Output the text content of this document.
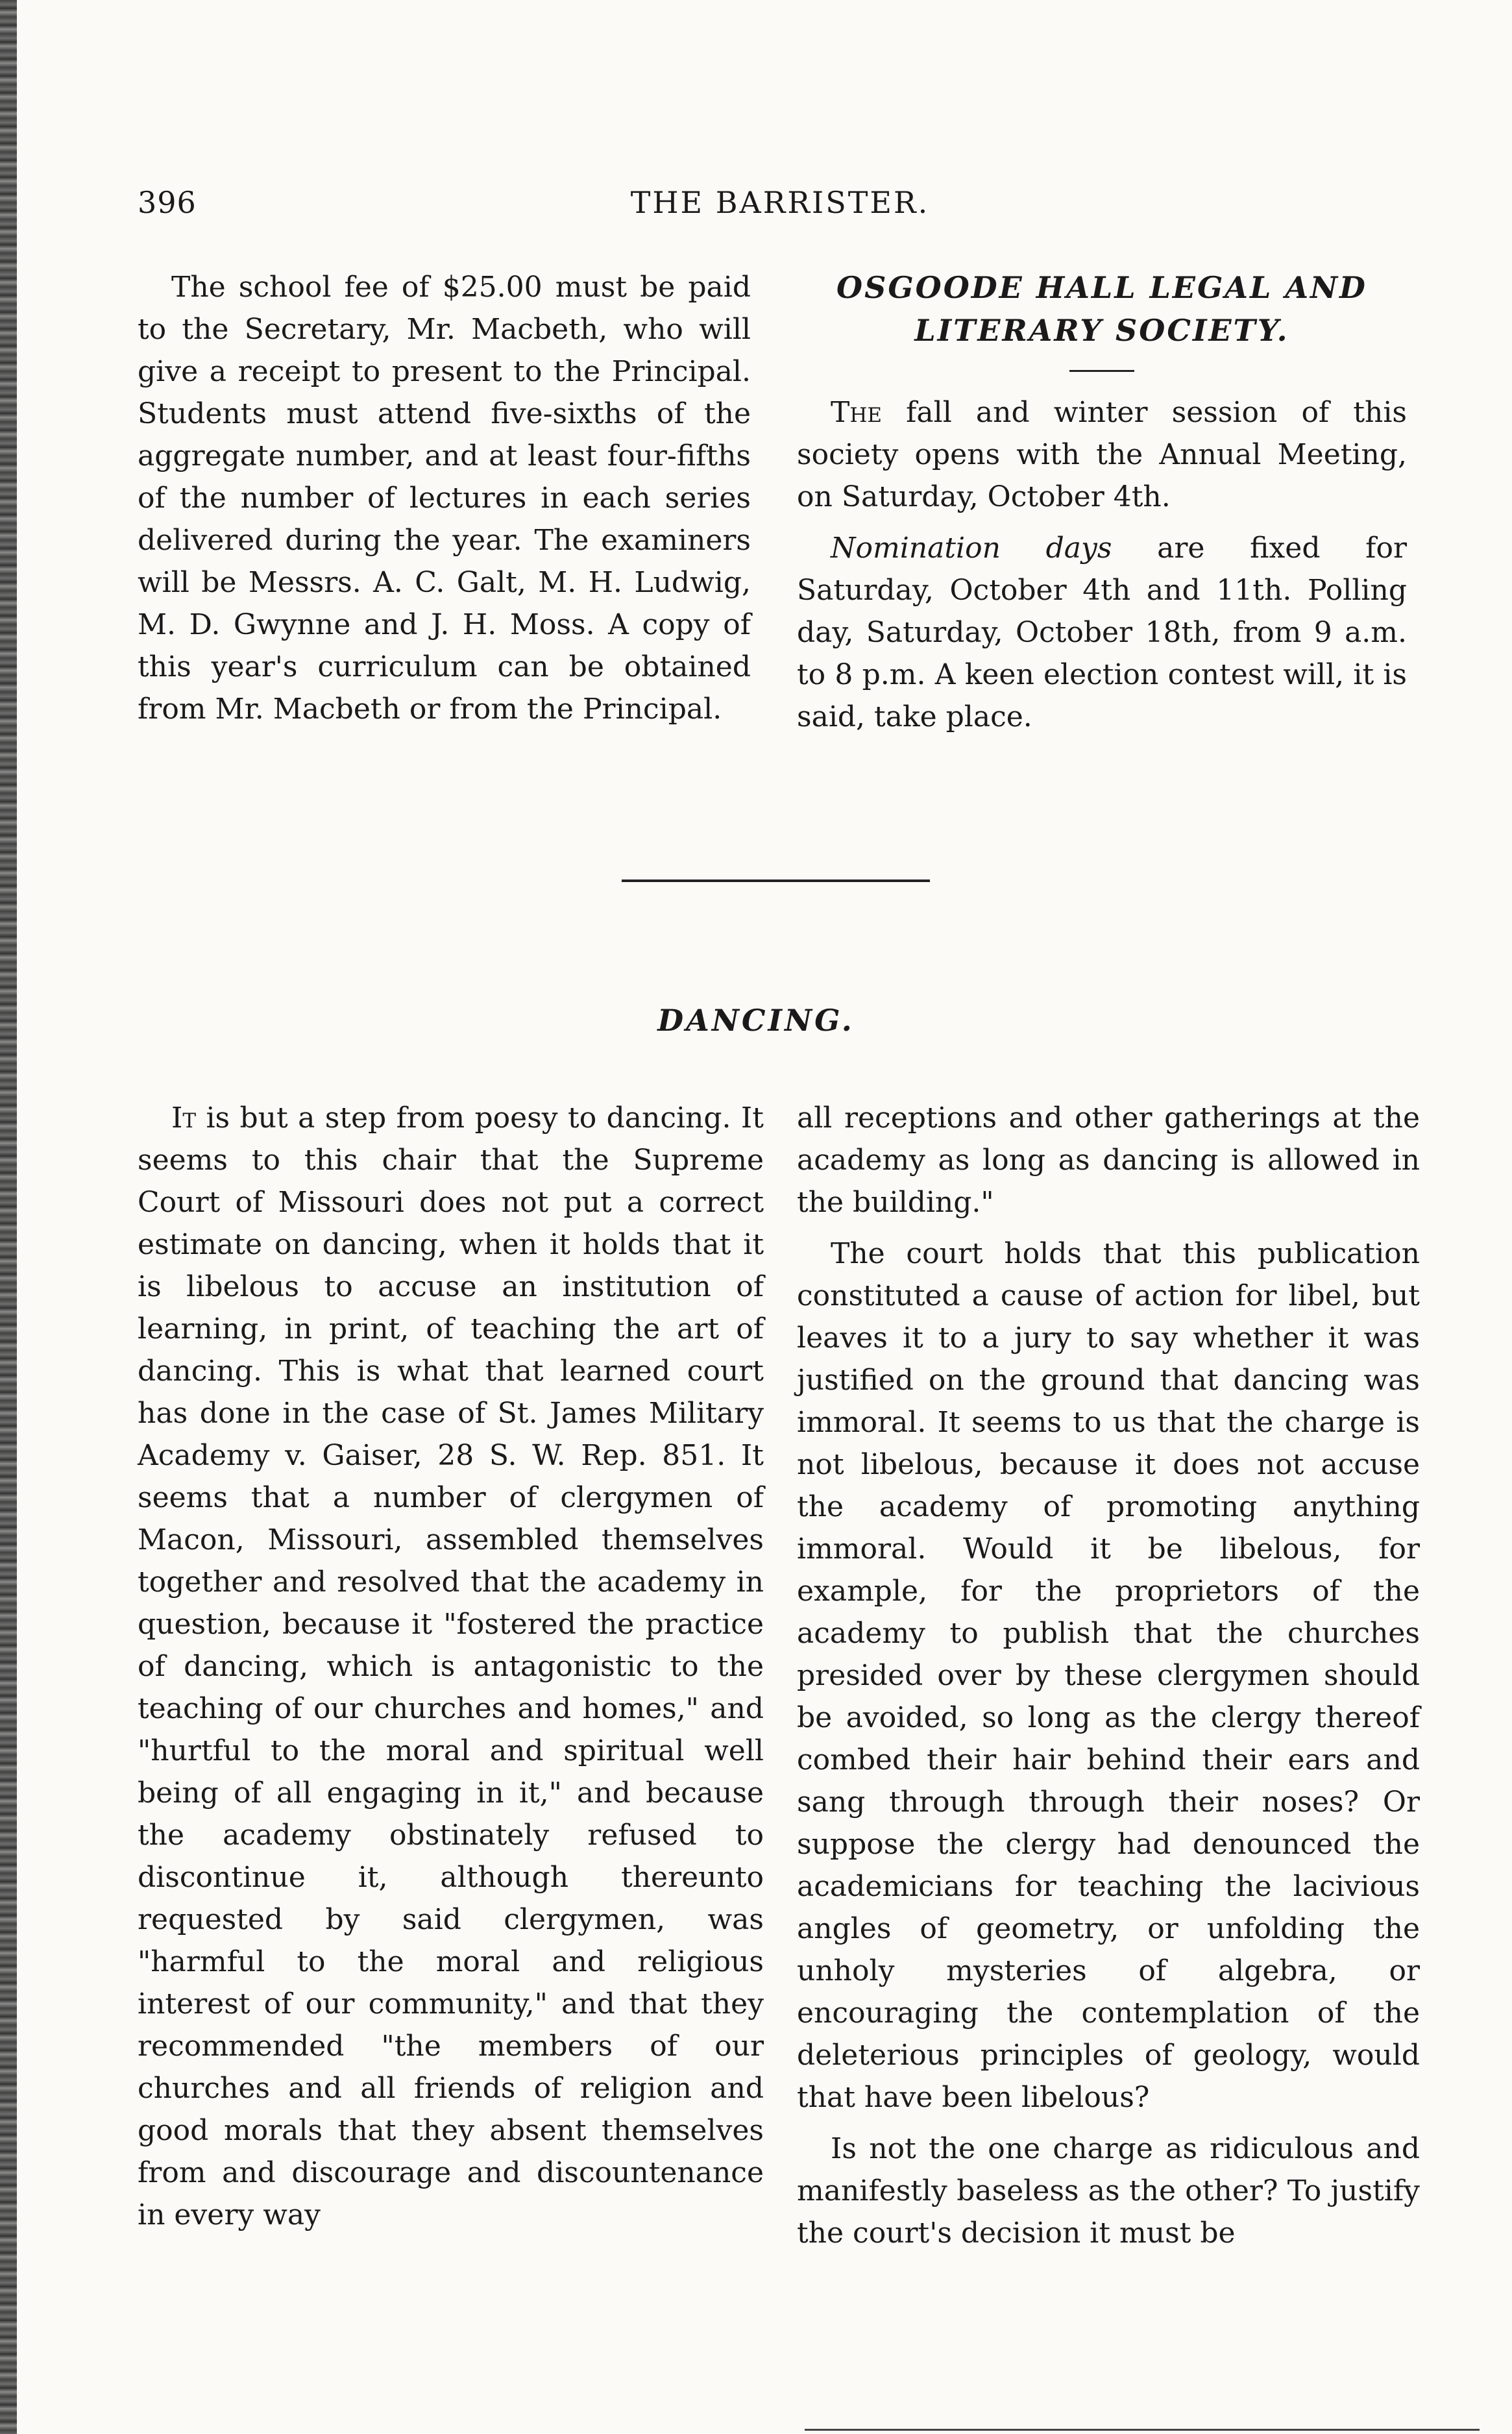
396	THE BARRISTER.

The school fee of $25.00 must be paid to the Secretary, Mr. Macbeth, who will give a receipt to present to the Principal. Students must attend five-sixths of the aggregate number, and at least four-fifths of the number of lectures in each series delivered during the year. The examiners will be Messrs. A. C. Galt, M. H. Ludwig, M. D. Gwynne and J. H. Moss. A copy of this year's curriculum can be obtained from Mr. Macbeth or from the Principal.

OSGOODE HALL LEGAL AND
LITERARY SOCIETY.

The fall and winter session of this society opens with the Annual Meeting, on Saturday, October 4th.

Nomination days are fixed for Saturday, October 4th and 11th. Polling day, Saturday, October 18th, from 9 a.m. to 8 p.m. A keen election contest will, it is said, take place.

DANCING.

It is but a step from poesy to dancing. It seems to this chair that the Supreme Court of Missouri does not put a correct estimate on dancing, when it holds that it is libelous to accuse an institution of learning, in print, of teaching the art of dancing. This is what that learned court has done in the case of St. James Military Academy v. Gaiser, 28 S. W. Rep. 851. It seems that a number of clergymen of Macon, Missouri, assembled themselves together and resolved that the academy in question, because it "fostered the practice of dancing, which is antagonistic to the teaching of our churches and homes," and "hurtful to the moral and spiritual well being of all engaging in it," and because the academy obstinately refused to discontinue it, although thereunto requested by said clergymen, was "harmful to the moral and religious interest of our community," and that they recommended "the members of our churches and all friends of religion and good morals that they absent themselves from and discourage and discountenance in every way

all receptions and other gatherings at the academy as long as dancing is allowed in the building."

The court holds that this publication constituted a cause of action for libel, but leaves it to a jury to say whether it was justified on the ground that dancing was immoral. It seems to us that the charge is not libelous, because it does not accuse the academy of promoting anything immoral. Would it be libelous, for example, for the proprietors of the academy to publish that the churches presided over by these clergymen should be avoided, so long as the clergy thereof combed their hair behind their ears and sang through through their noses? Or suppose the clergy had denounced the academicians for teaching the lacivious angles of geometry, or unfolding the unholy mysteries of algebra, or encouraging the contemplation of the deleterious principles of geology, would that have been libelous?

Is not the one charge as ridiculous and manifestly baseless as the other? To justify the court's decision it must be
